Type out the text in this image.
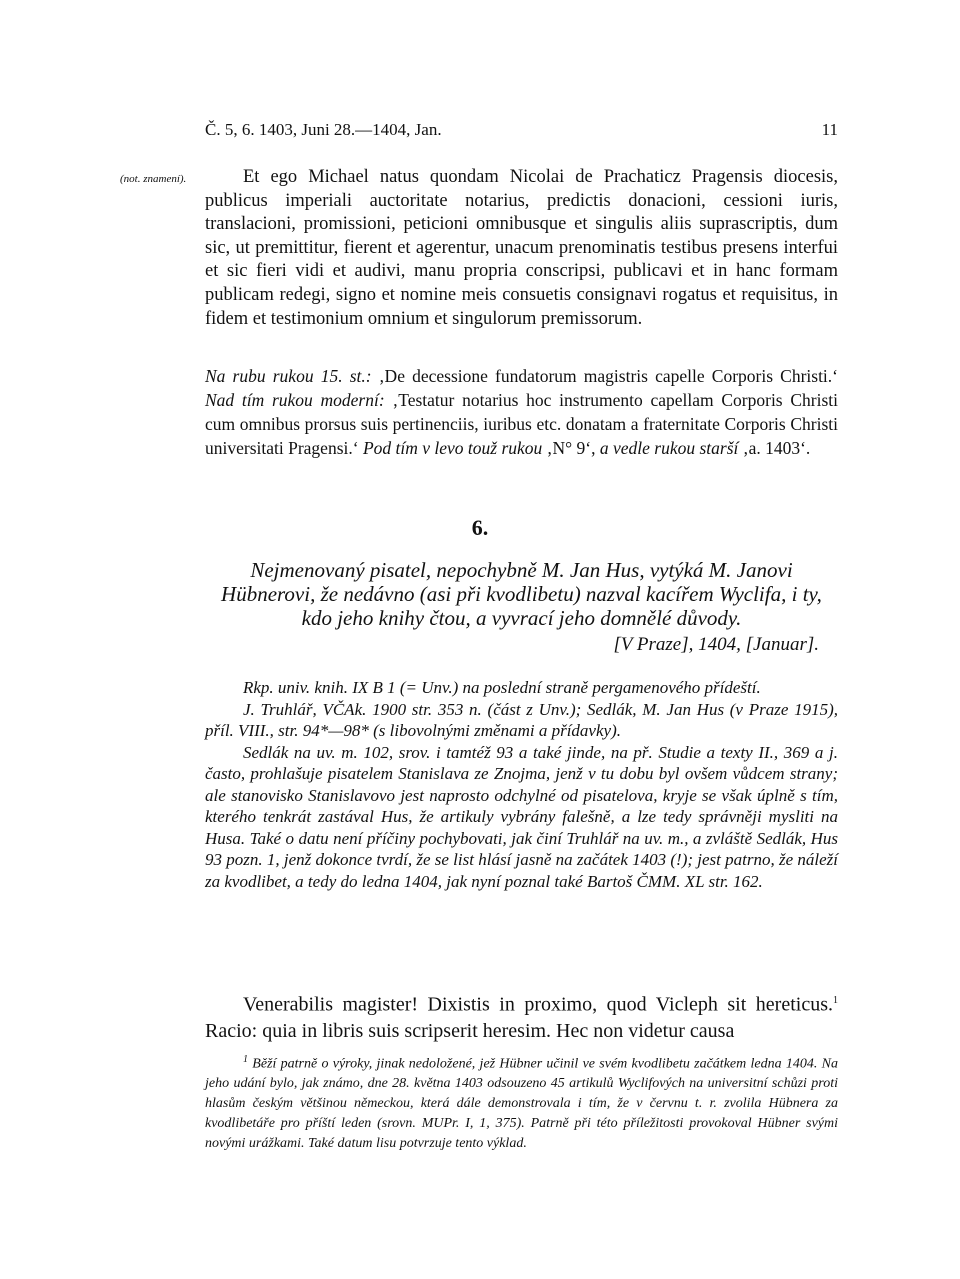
Č. 5, 6. 1403, Juni 28.—1404, Jan.	11
(not. znamení).	Et ego Michael natus quondam Nicolai de Prachaticz Pragensis diocesis, publicus imperiali auctoritate notarius, predictis donacioni, cessioni iuris, translacioni, promissioni, peticioni omnibusque et singulis aliis suprascriptis, dum sic, ut premittitur, fierent et agerentur, unacum prenominatis testibus presens interfui et sic fieri vidi et audivi, manu propria conscripsi, publicavi et in hanc formam publicam redegi, signo et nomine meis consuetis consignavi rogatus et requisitus, in fidem et testimonium omnium et singulorum premissorum.
Na rubu rukou 15. st.: ‚De decessione fundatorum magistris capelle Corporis Christi.‘ Nad tím rukou moderní: ‚Testatur notarius hoc instrumento capellam Corporis Christi cum omnibus prorsus suis pertinenciis, iuribus etc. donatam a fraternitate Corporis Christi universitati Pragensi.‘ Pod tím v levo touž rukou ‚N° 9‘, a vedle rukou starší ‚a. 1403‘.
6.
Nejmenovaný pisatel, nepochybně M. Jan Hus, vytýká M. Janovi Hübnerovi, že nedávno (asi při kvodlibetu) nazval kacířem Wyclifa, i ty, kdo jeho knihy čtou, a vyvrací jeho domnělé důvody.
[V Praze], 1404, [Januar].

Rkp. univ. knih. IX B 1 (= Unv.) na poslední straně pergamenového přídeští.

J. Truhlář, VČAk. 1900 str. 353 n. (část z Unv.); Sedlák, M. Jan Hus (v Praze 1915), příl. VIII., str. 94*—98* (s libovolnými změnami a přídavky).

Sedlák na uv. m. 102, srov. i tamtéž 93 a také jinde, na př. Studie a texty II., 369 a j. často, prohlašuje pisatelem Stanislava ze Znojma, jenž v tu dobu byl ovšem vůdcem strany; ale stanovisko Stanislavovo jest naprosto odchylné od pisatelova, kryje se však úplně s tím, kterého tenkrát zastával Hus, že artikuly vybrány falešně, a lze tedy správněji mysliti na Husa. Také o datu není příčiny pochybovati, jak činí Truhlář na uv. m., a zvláště Sedlák, Hus 93 pozn. 1, jenž dokonce tvrdí, že se list hlásí jasně na začátek 1403 (!); jest patrno, že náleží za kvodlibet, a tedy do ledna 1404, jak nyní poznal také Bartoš ČMM. XL str. 162.

Venerabilis magister! Dixistis in proximo, quod Vicleph sit hereticus.$^1$ Racio: quia in libris suis scripserit heresim. Hec non videtur causa
$^1$ Běží patrně o výroky, jinak nedoložené, jež Hübner učinil ve svém kvodlibetu začátkem ledna 1404. Na jeho udání bylo, jak známo, dne 28. května 1403 odsouzeno 45 artikulů Wyclifových na universitní schůzi proti hlasům českým většinou německou, která dále demonstrovala i tím, že v červnu t. r. zvolila Hübnera za kvodlibetáře pro příští leden (srovn. MUPr. I, 1, 375). Patrně při této příležitosti provokoval Hübner svými novými urážkami. Také datum lisu potvrzuje tento výklad.
